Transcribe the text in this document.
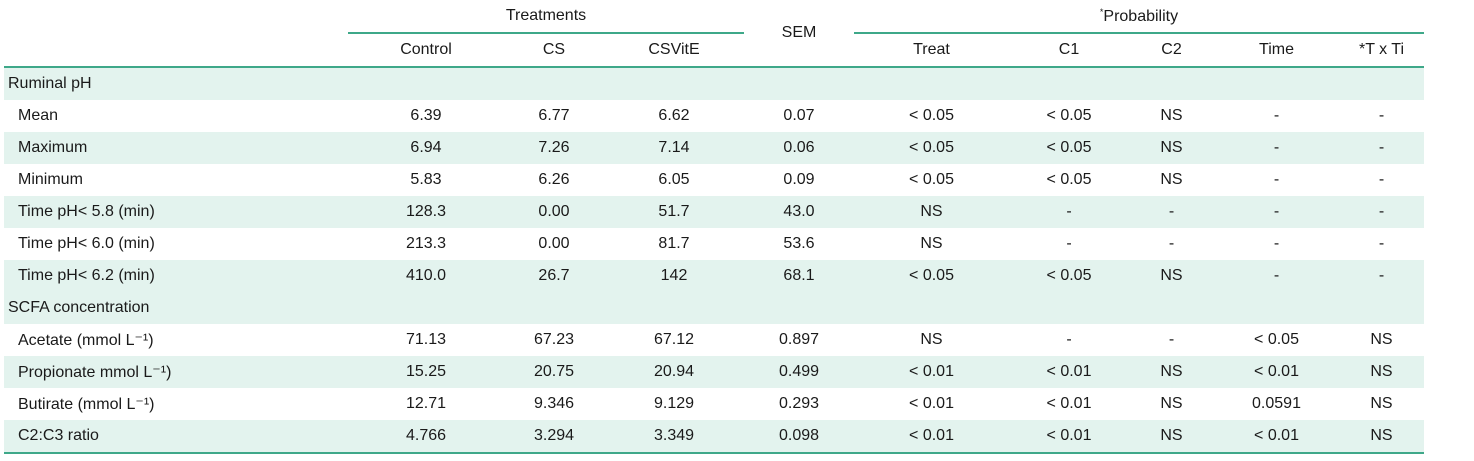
	Treatments			SEM	*Probability				
	Control	CS	CSVitE		Treat	C1	C2	Time	*T x Ti
Ruminal pH									
Mean	6.39	6.77	6.62	0.07	< 0.05	< 0.05	NS	-	-
Maximum	6.94	7.26	7.14	0.06	< 0.05	< 0.05	NS	-	-
Minimum	5.83	6.26	6.05	0.09	< 0.05	< 0.05	NS	-	-
Time pH< 5.8 (min)	128.3	0.00	51.7	43.0	NS	-	-	-	-
Time pH< 6.0 (min)	213.3	0.00	81.7	53.6	NS	-	-	-	-
Time pH< 6.2 (min)	410.0	26.7	142	68.1	< 0.05	< 0.05	NS	-	-
SCFA concentration									
Acetate (mmol L⁻¹)	71.13	67.23	67.12	0.897	NS	-	-	< 0.05	NS
Propionate mmol L⁻¹)	15.25	20.75	20.94	0.499	< 0.01	< 0.01	NS	< 0.01	NS
Butirate (mmol L⁻¹)	12.71	9.346	9.129	0.293	< 0.01	< 0.01	NS	0.0591	NS
C2:C3 ratio	4.766	3.294	3.349	0.098	< 0.01	< 0.01	NS	< 0.01	NS
